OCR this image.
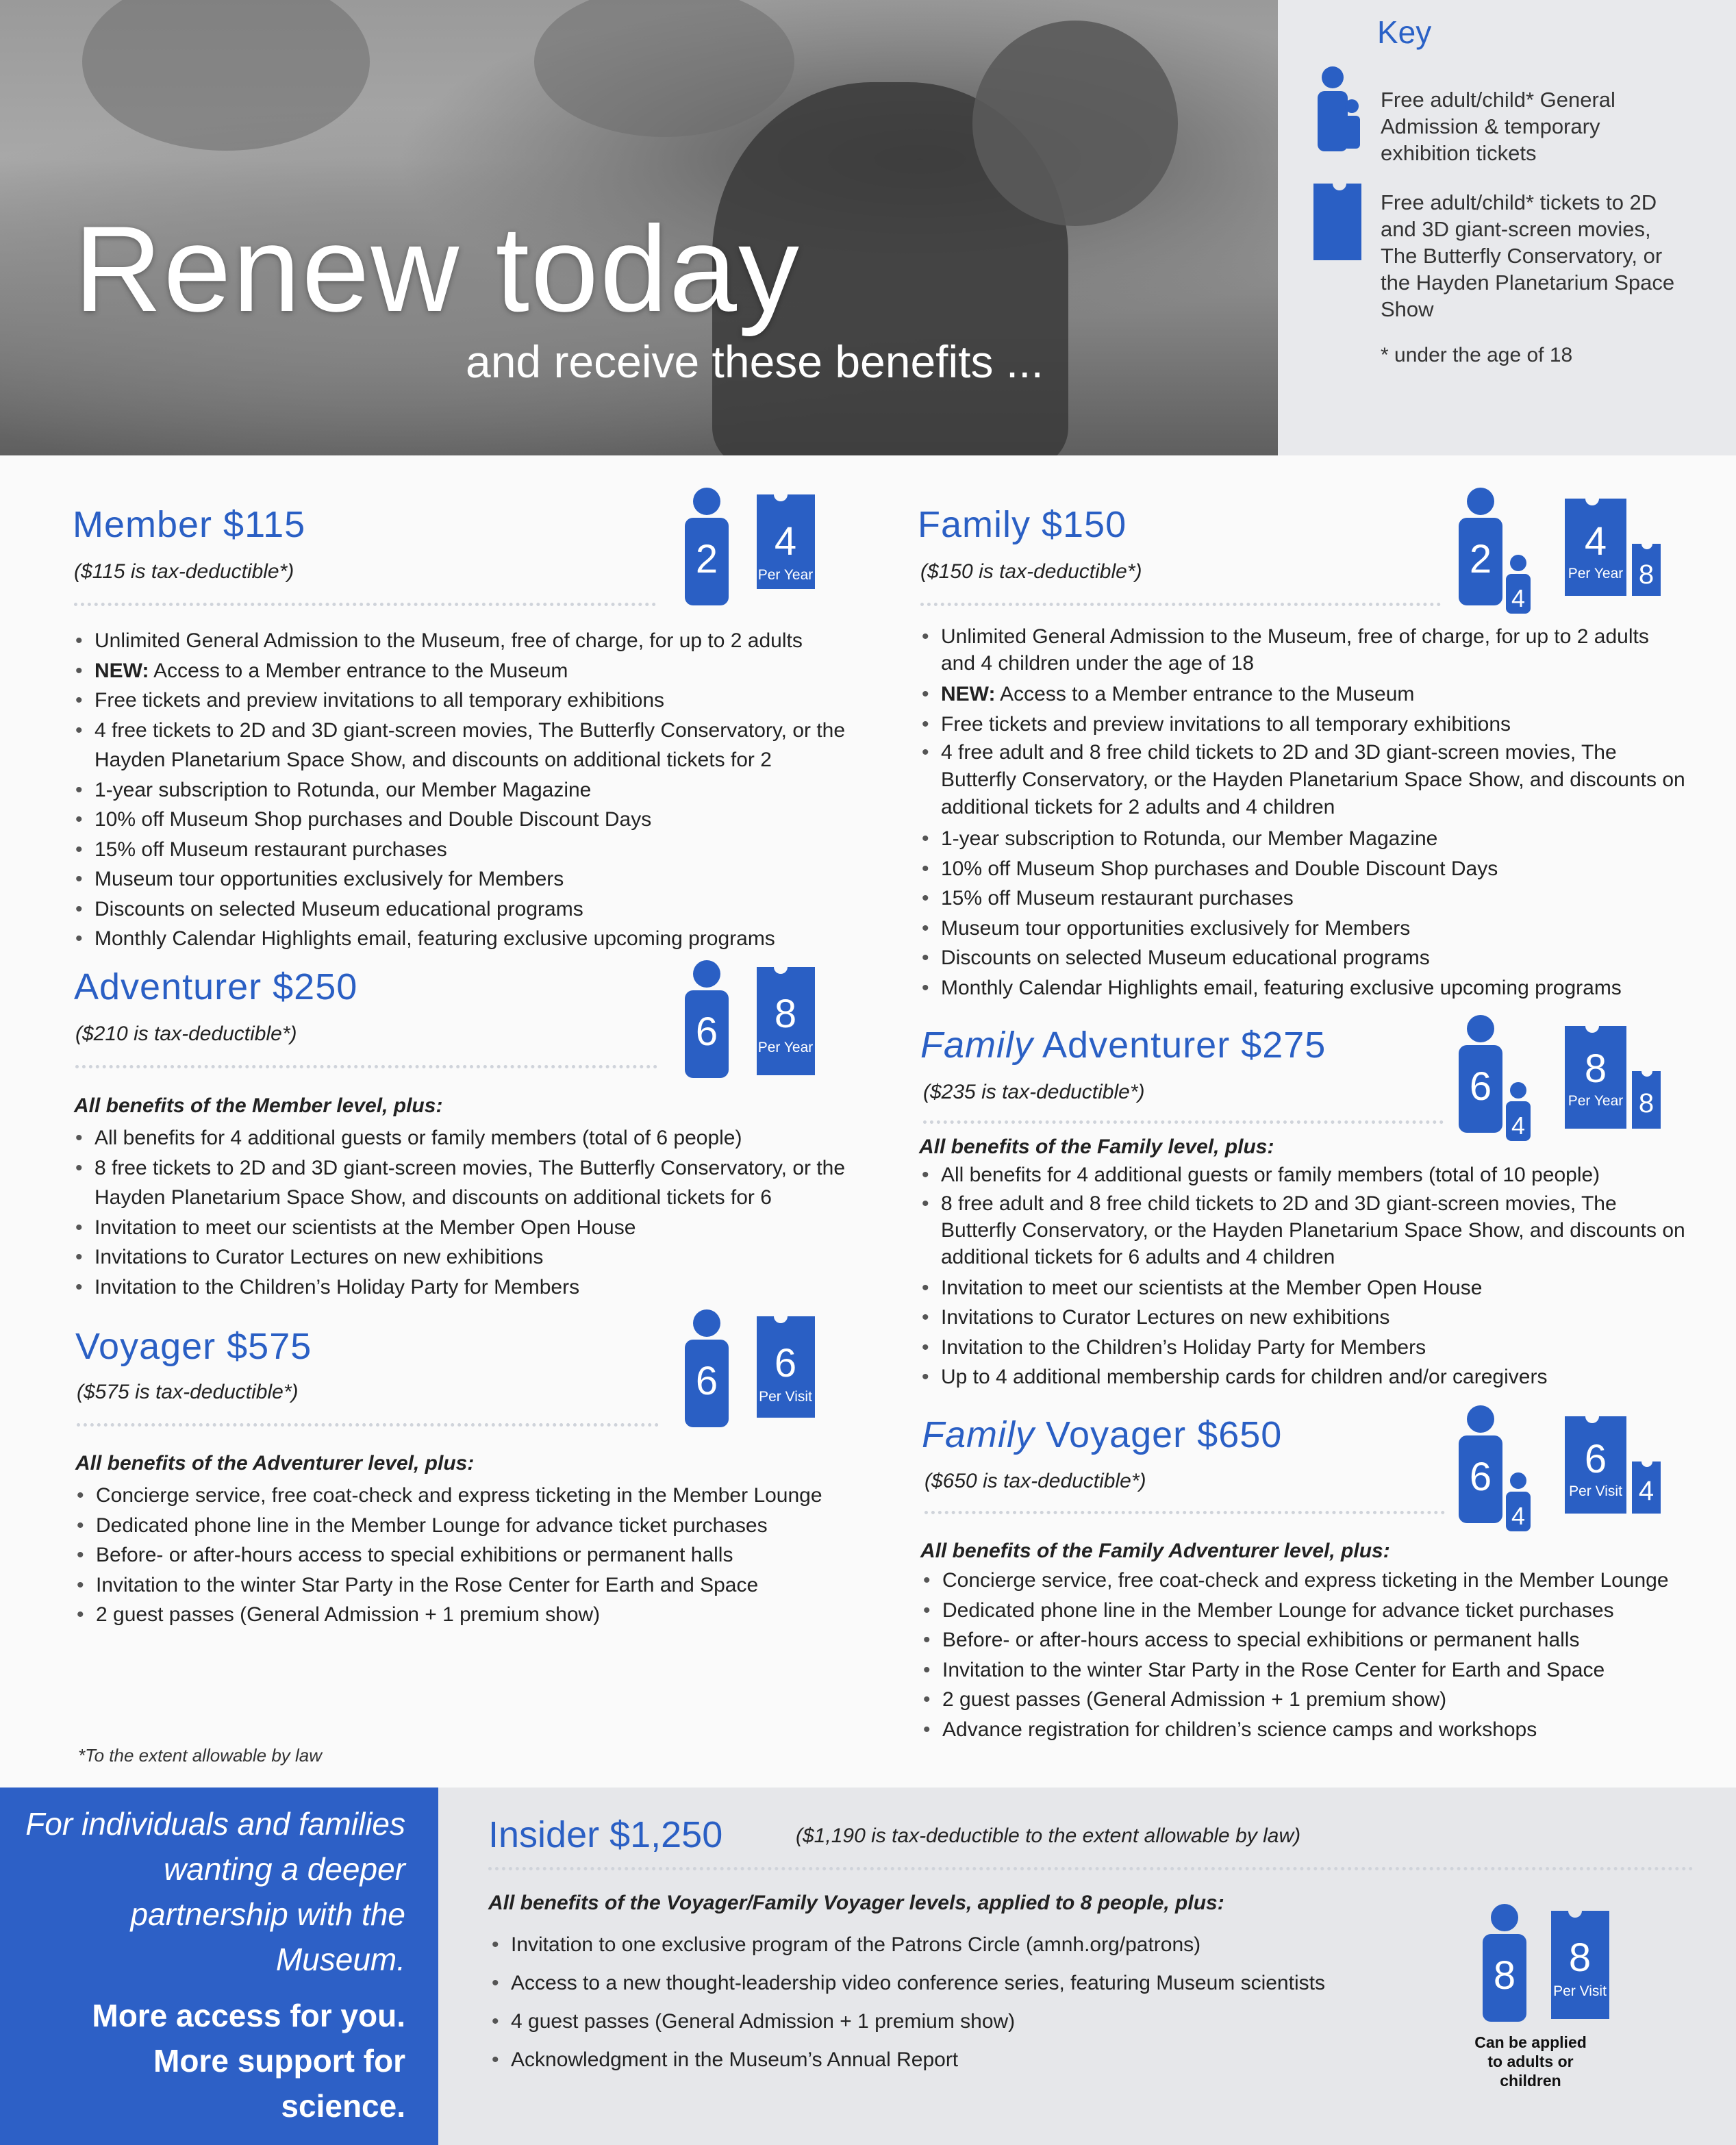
Renew today
and receive these benefits ...
Key
Free adult/child* General Admission & temporary exhibition tickets
Free adult/child* tickets to 2D and 3D giant-screen movies, The Butterfly Conservatory, or the Hayden Planetarium Space Show
* under the age of 18
Member $115
($115 is tax-deductible*)	2 4
Per Year
• Unlimited General Admission to the Museum, free of charge, for up to 2 adults
• NEW: Access to a Member entrance to the Museum
• Free tickets and preview invitations to all temporary exhibitions
• 4 free tickets to 2D and 3D giant-screen movies, The Butterfly Conservatory, or the Hayden Planetarium Space Show, and discounts on additional tickets for 2
• 1-year subscription to Rotunda, our Member Magazine
• 10% off Museum Shop purchases and Double Discount Days
• 15% off Museum restaurant purchases
• Museum tour opportunities exclusively for Members
• Discounts on selected Museum educational programs
• Monthly Calendar Highlights email, featuring exclusive upcoming programs
Adventurer $250
($210 is tax-deductible*)	6 8
Per Year
All benefits of the Member level, plus:
• All benefits for 4 additional guests or family members (total of 6 people)
• 8 free tickets to 2D and 3D giant-screen movies, The Butterfly Conservatory, or the Hayden Planetarium Space Show, and discounts on additional tickets for 6
• Invitation to meet our scientists at the Member Open House
• Invitations to Curator Lectures on new exhibitions
• Invitation to the Children’s Holiday Party for Members
Voyager $575
($575 is tax-deductible*)	6 6
Per Visit
All benefits of the Adventurer level, plus:
• Concierge service, free coat-check and express ticketing in the Member Lounge
• Dedicated phone line in the Member Lounge for advance ticket purchases
• Before- or after-hours access to special exhibitions or permanent halls
• Invitation to the winter Star Party in the Rose Center for Earth and Space
• 2 guest passes (General Admission + 1 premium show)
Family $150
($150 is tax-deductible*)	2
4
4
Per Year 8
• Unlimited General Admission to the Museum, free of charge, for up to 2 adults and 4 children under the age of 18
• NEW: Access to a Member entrance to the Museum
• Free tickets and preview invitations to all temporary exhibitions
• 4 free adult and 8 free child tickets to 2D and 3D giant-screen movies, The Butterfly Conservatory, or the Hayden Planetarium Space Show, and discounts on additional tickets for 2 adults and 4 children
• 1-year subscription to Rotunda, our Member Magazine
• 10% off Museum Shop purchases and Double Discount Days
• 15% off Museum restaurant purchases
• Museum tour opportunities exclusively for Members
• Discounts on selected Museum educational programs
• Monthly Calendar Highlights email, featuring exclusive upcoming programs
Family Adventurer $275
($235 is tax-deductible*)	6
4
8
Per Year 8
All benefits of the Family level, plus:
• All benefits for 4 additional guests or family members (total of 10 people)
• 8 free adult and 8 free child tickets to 2D and 3D giant-screen movies, The Butterfly Conservatory, or the Hayden Planetarium Space Show, and discounts on additional tickets for 6 adults and 4 children
• Invitation to meet our scientists at the Member Open House
• Invitations to Curator Lectures on new exhibitions
• Invitation to the Children’s Holiday Party for Members
• Up to 4 additional membership cards for children and/or caregivers
Family Voyager $650
($650 is tax-deductible*)	6
4
6
Per Visit 4
All benefits of the Family Adventurer level, plus:
• Concierge service, free coat-check and express ticketing in the Member Lounge
• Dedicated phone line in the Member Lounge for advance ticket purchases
• Before- or after-hours access to special exhibitions or permanent halls
• Invitation to the winter Star Party in the Rose Center for Earth and Space
• 2 guest passes (General Admission + 1 premium show)
• Advance registration for children’s science camps and workshops
*To the extent allowable by law
For individuals and families wanting a deeper partnership with the Museum.
More access for you. More support for science.
Insider $1,250	($1,190 is tax-deductible to the extent allowable by law)
All benefits of the Voyager/Family Voyager levels, applied to 8 people, plus:
• Invitation to one exclusive program of the Patrons Circle (amnh.org/patrons)
• Access to a new thought-leadership video conference series, featuring Museum scientists
• 4 guest passes (General Admission + 1 premium show)
• Acknowledgment in the Museum’s Annual Report
8 8
Per Visit
Can be applied to adults or children
